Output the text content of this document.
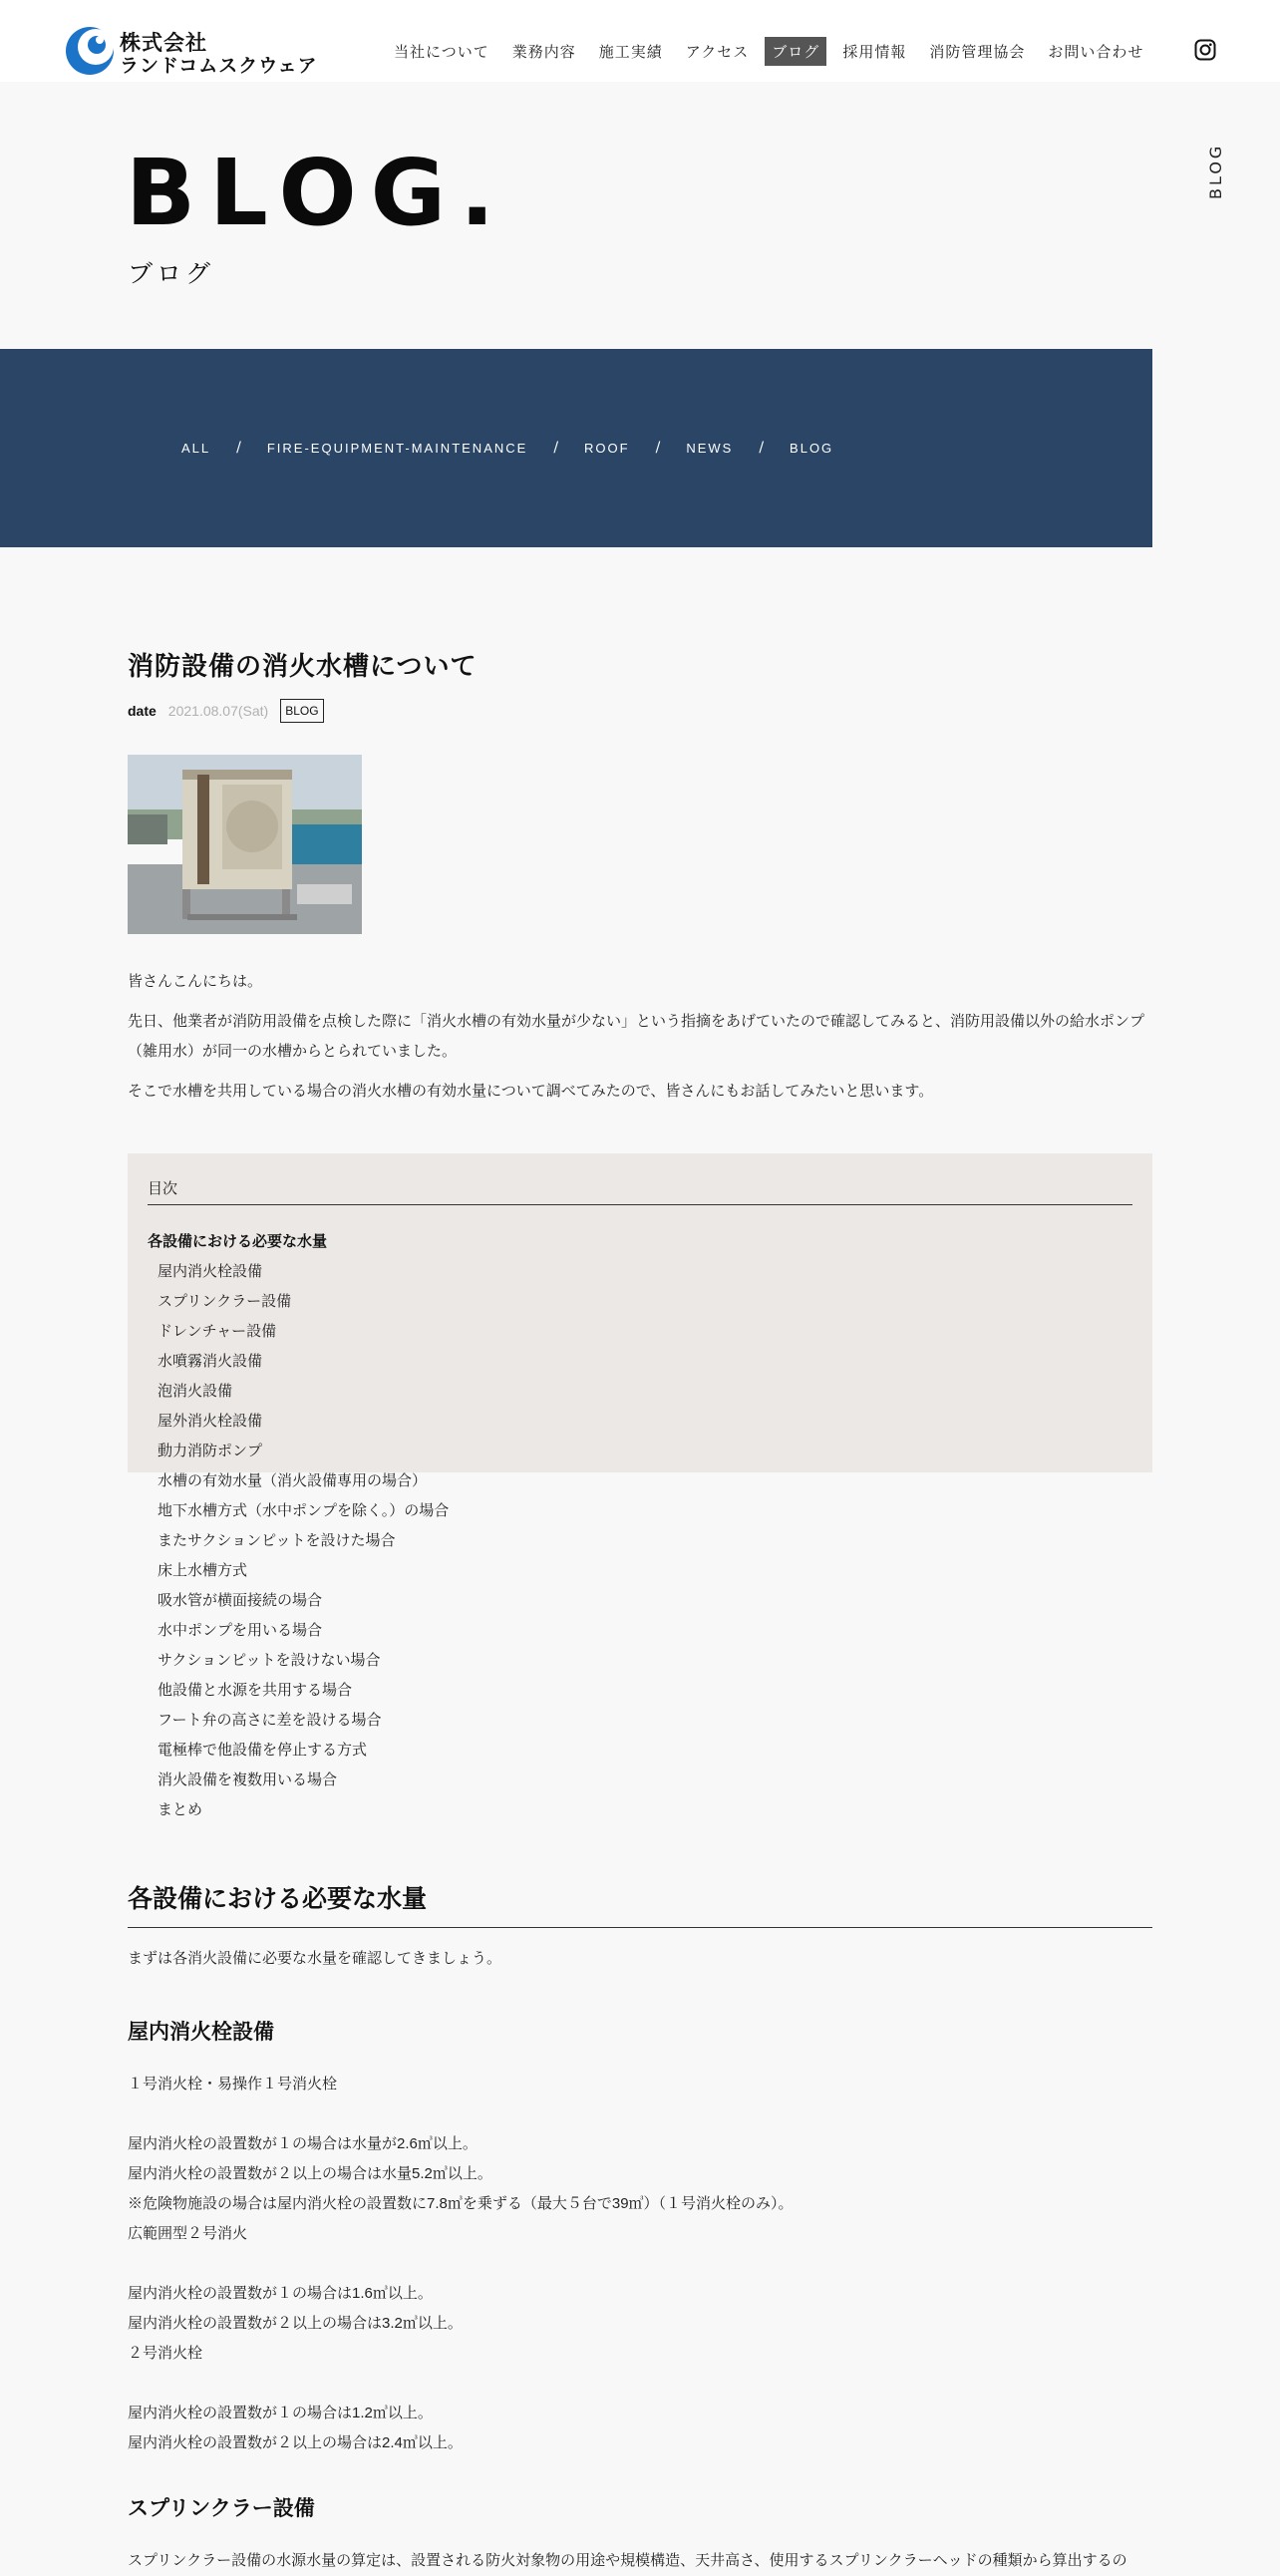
株式会社
ランドコムスクウェア
当社について	業務内容	施工実績	アクセス	ブログ	採用情報	消防管理協会	お問い合わせ
BLOG.
ブログ
BLOG
ALL / FIRE-EQUIPMENT-MAINTENANCE / ROOF / NEWS / BLOG
消防設備の消火水槽について
date 2021.08.07(Sat)	BLOG

皆さんこんにちは。

先日、他業者が消防用設備を点検した際に「消火水槽の有効水量が少ない」という指摘をあげていたので確認してみると、消防用設備以外の給水ポンプ（雑用水）が同一の水槽からとられていました。

そこで水槽を共用している場合の消火水槽の有効水量について調べてみたので、皆さんにもお話してみたいと思います。

目次
各設備における必要な水量
屋内消火栓設備
スプリンクラー設備
ドレンチャー設備
水噴霧消火設備
泡消火設備
屋外消火栓設備
動力消防ポンプ
水槽の有効水量（消火設備専用の場合）
地下水槽方式（水中ポンプを除く。）の場合
またサクションピットを設けた場合
床上水槽方式
吸水管が横面接続の場合
水中ポンプを用いる場合
サクションピットを設けない場合
他設備と水源を共用する場合
フート弁の高さに差を設ける場合
電極棒で他設備を停止する方式
消火設備を複数用いる場合
まとめ
各設備における必要な水量
まずは各消火設備に必要な水量を確認してきましょう。
屋内消火栓設備
１号消火栓・易操作１号消火栓
屋内消火栓の設置数が１の場合は水量が2.6㎥以上。
屋内消火栓の設置数が２以上の場合は水量5.2㎥以上。
※危険物施設の場合は屋内消火栓の設置数に7.8㎥を乗ずる（最大５台で39㎥）（１号消火栓のみ）。
広範囲型２号消火
屋内消火栓の設置数が１の場合は1.6㎥以上。
屋内消火栓の設置数が２以上の場合は3.2㎥以上。
２号消火栓
屋内消火栓の設置数が１の場合は1.2㎥以上。
屋内消火栓の設置数が２以上の場合は2.4㎥以上。
スプリンクラー設備
スプリンクラー設備の水源水量の算定は、設置される防火対象物の用途や規模構造、天井高さ、使用するスプリンクラーヘッドの種類から算出するの
